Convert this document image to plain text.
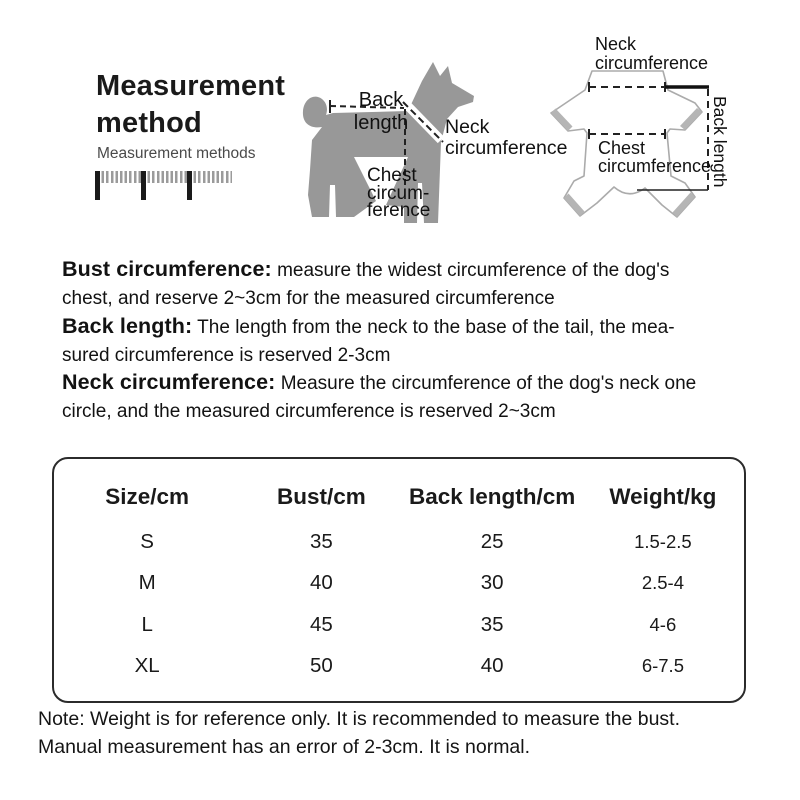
Measurement
method
Measurement methods
Back length	Neck
circumference
Chest
circum-
ference
Neck
circumference
Chest
circumference
Back length
Bust circumference: measure the widest circumference of the dog's
chest, and reserve 2~3cm for the measured circumference
Back length: The length from the neck to the base of the tail, the mea-
sured circumference is reserved 2-3cm
Neck circumference: Measure the circumference of the dog's neck one
circle, and the measured circumference is reserved 2~3cm
Size/cm	Bust/cm	Back length/cm	Weight/kg
S	35	25	1.5-2.5
M	40	30	2.5-4
L	45	35	4-6
XL	50	40	6-7.5
Note: Weight is for reference only. It is recommended to measure the bust.
Manual measurement has an error of 2-3cm. It is normal.
